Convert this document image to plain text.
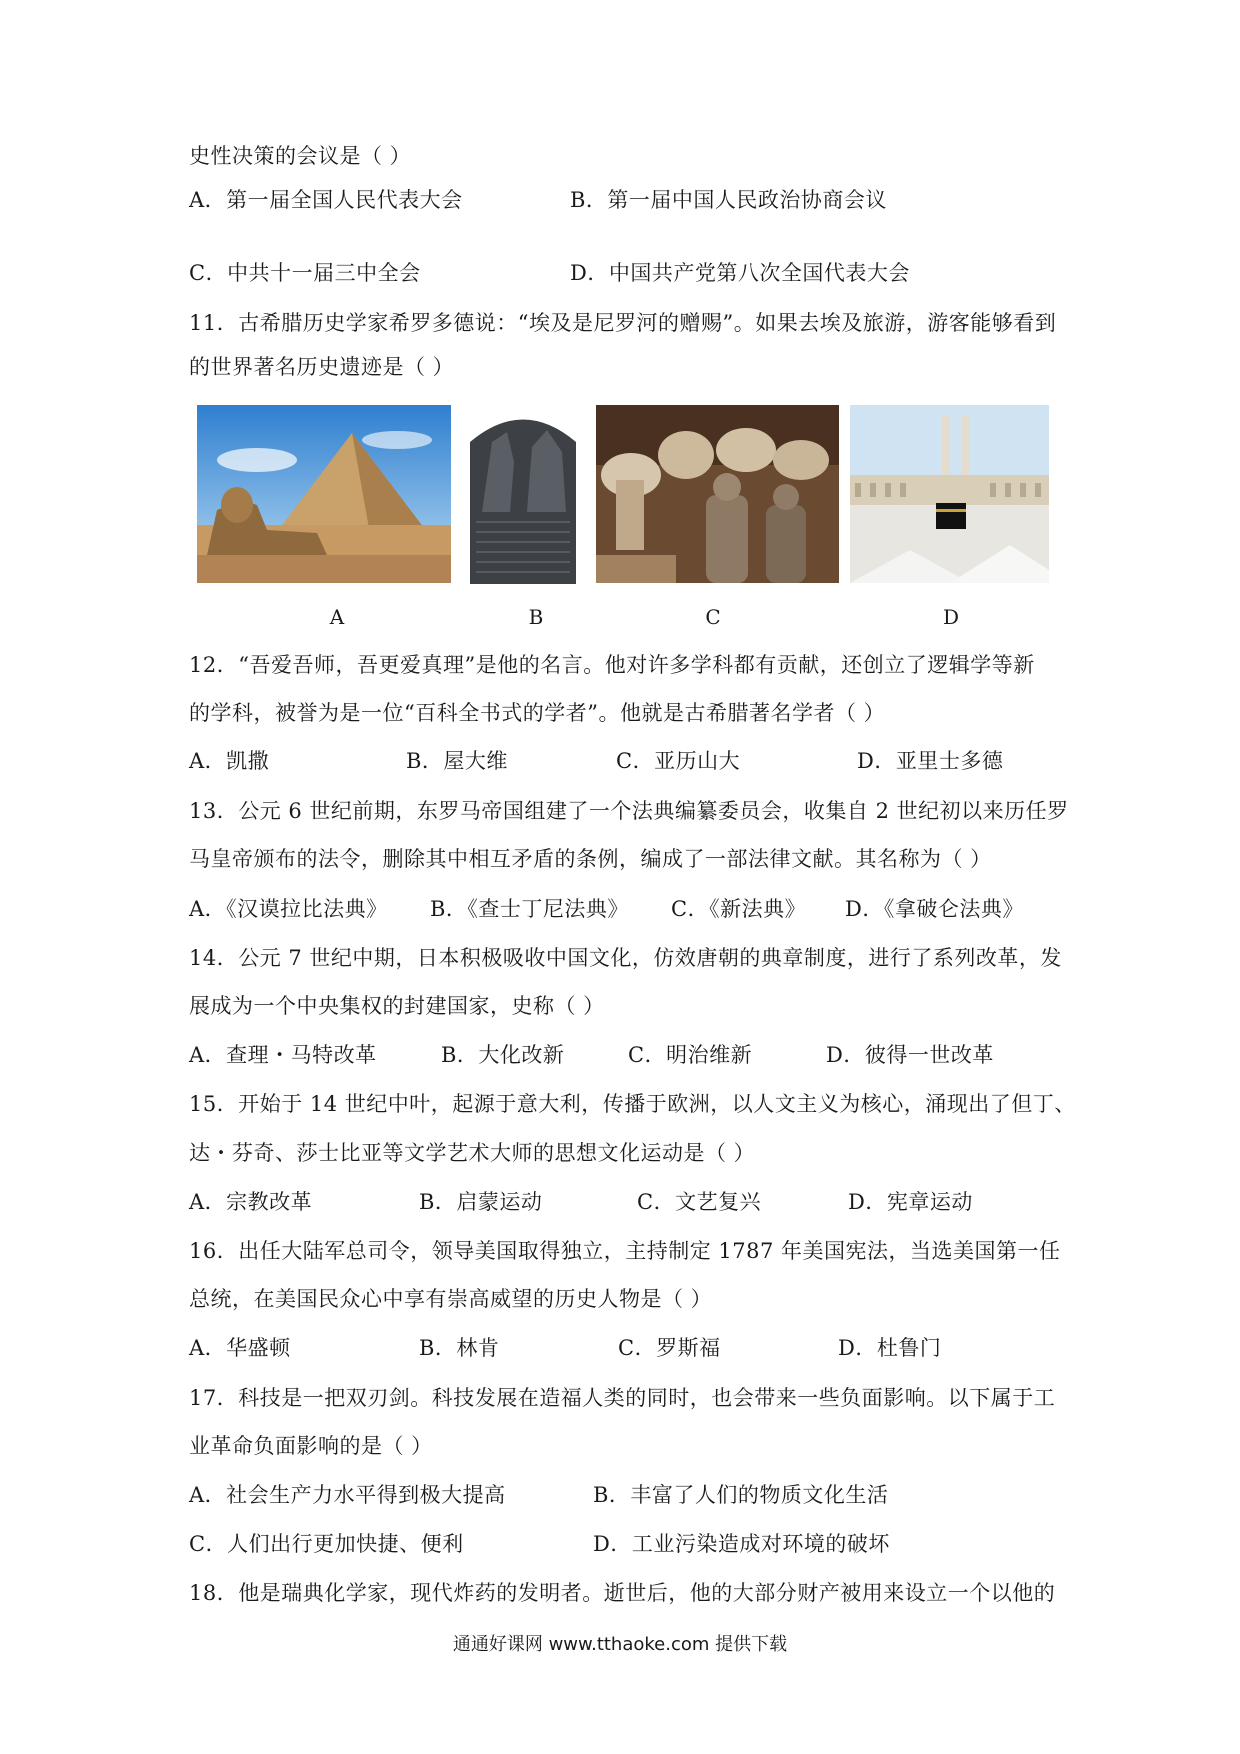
史性决策的会议是（ ）
A．第一届全国人民代表大会	B．第一届中国人民政治协商会议
C．中共十一届三中全会	D．中国共产党第八次全国代表大会
11．古希腊历史学家希罗多德说：“埃及是尼罗河的赠赐”。如果去埃及旅游，游客能够看到
的世界著名历史遗迹是（ ）
A	B	C	D
12．“吾爱吾师，吾更爱真理”是他的名言。他对许多学科都有贡献，还创立了逻辑学等新
的学科，被誉为是一位“百科全书式的学者”。他就是古希腊著名学者（ ）
A．凯撒	B．屋大维	C．亚历山大	D．亚里士多德
13．公元 6 世纪前期，东罗马帝国组建了一个法典编纂委员会，收集自 2 世纪初以来历任罗
马皇帝颁布的法令，删除其中相互矛盾的条例，编成了一部法律文献。其名称为（ ）
A．《汉谟拉比法典》 B．《查士丁尼法典》 C．《新法典》 D．《拿破仑法典》
14．公元 7 世纪中期，日本积极吸收中国文化，仿效唐朝的典章制度，进行了系列改革，发
展成为一个中央集权的封建国家，史称（ ）
A．查理・马特改革	B．大化改新	C．明治维新	D．彼得一世改革
15．开始于 14 世纪中叶，起源于意大利，传播于欧洲，以人文主义为核心，涌现出了但丁、
达・芬奇、莎士比亚等文学艺术大师的思想文化运动是（ ）
A．宗教改革	B．启蒙运动	C．文艺复兴	D．宪章运动
16．出任大陆军总司令，领导美国取得独立，主持制定 1787 年美国宪法，当选美国第一任
总统，在美国民众心中享有崇高威望的历史人物是（ ）
A．华盛顿	B．林肯	C．罗斯福	D．杜鲁门
17．科技是一把双刃剑。科技发展在造福人类的同时，也会带来一些负面影响。以下属于工
业革命负面影响的是（ ）
A．社会生产力水平得到极大提高	B．丰富了人们的物质文化生活
C．人们出行更加快捷、便利	D．工业污染造成对环境的破坏
18．他是瑞典化学家，现代炸药的发明者。逝世后，他的大部分财产被用来设立一个以他的
通通好课网 www.tthaoke.com 提供下载
